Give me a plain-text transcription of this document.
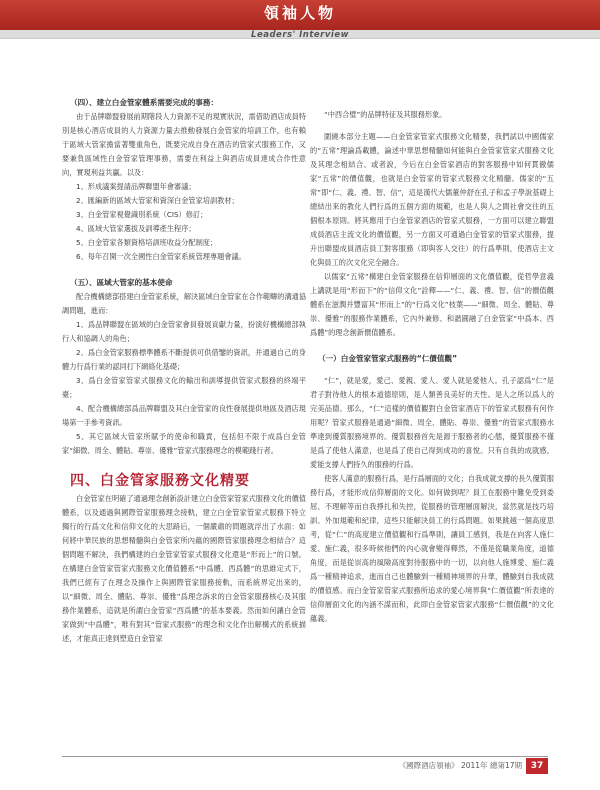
領袖人物
Leaders' Interview

（四）、建立白金管家體系需要完成的事務：

由于品牌聯盟發展前期階段人力資源不足的現實狀況，需借助酒店成員特別是核心酒店成員的人力資源力量去推動發展白金管家的培訓工作，也有賴于區域大管家擔當著雙重角色，既要完成自身在酒店的管家式服務工作，又要兼負區域性白金管家管理事務，需要在利益上與酒店成員達成合作性意向，實現利益共贏。以及：

1、形成議案提請品牌聯盟年會審議；

2、匯編新的區域大管家和資深白金管家培訓教材；

3、白金管家視覺識別系統（CIS）修訂；

4、區域大管家選拔及訓導產生程序；

5、白金管家各類資格培訓班收益分配制度；

6、每年召開一次全國性白金管家系統管理專題會議。

（五）、區域大管家的基本使命

配合機構總部搭建白金管家系統，解決區域白金管家在合作範疇的溝通協調問題，進而：

1、爲品牌聯盟在區域的白金管家會員發展貢獻力量，扮演好機構總部執行人和協調人的角色；

2、爲白金管家服務標準體系不斷提供可供借鑒的資訊，并通過自己的身體力行爲行業的認同打下網絡化基礎；

3、爲白金管家管家式服務文化的輸出和訓導提供管家式服務的終端平臺；

4、配合機構總部爲品牌聯盟及其白金管家的良性發展提供地區及酒店現場第一手參考資訊。

5、其它區域大管家所賦予的使命和職責，包括但不限于成爲白金管家“細微、周全、體貼、尊崇、優雅”管家式服務理念的模範踐行者。

四、白金管家服務文化精要

白金管家在明確了通過理念創新設計建立白金管家管家式服務文化的價值體系，以及通過與國際管家服務理念接軌，建立白金管家管家式服務下特立獨行的行爲文化和信仰文化的大思路后，一個嚴肅的問題就浮出了水面：如何將中華民族的思想精髓與白金管家所內蘊的國際管家服務理念相結合？這個問題不解決，我們構建的白金管家管家式服務文化還是“形而上”的口號。在構建白金管家管家式服務文化價值體系“中爲體、西爲體”的思維定式下，我們已經有了在理念及操作上與國際管家服務接軌，而系統界定出來的，以“細微、周全、體貼、尊崇、優雅”爲理念訴求的白金管家服務核心及其服務作業體系，這就是所謂白金管家“西爲體”的基本要義。然而如何讓白金管家做到“中爲體”，唯有對其“管家式服務”的理念和文化作出解構式的系統描述，才能真正達到塑造白金管家

“中西合璧”的品牌特征及其服務形象。

圍繞本部分主題——白金管家管家式服務文化精要，我們試以中國儒家的“五常”理論爲載體，論述中華思想精髓如何能與白金管家管家式服務文化及其理念相結合、或者說，今后在白金管家酒店的對客服務中如何貫徹儒家“五常”的價值觀，也就是白金管家的管家式服務文化精髓。儒家的“五常”即“仁、義、禮、智、信”，這是漢代大儒董仲舒在孔子和孟子學說基礎上總結出來的教化人們行爲的五個方面的規範，也是人與人之間社會交往的五個根本原則。將其應用于白金管家酒店的管家式服務，一方面可以建立聯盟成員酒店主流文化的價值觀，另一方面又可通過白金管家的管家式服務，提升出聯盟成員酒店員工對客服務（即與客人交往）的行爲準則，使酒店主文化與員工的次文化完全融合。

以儒家“五常”構建白金管家服務在信仰層面的文化價值觀，從哲學意義上講就是用“形而下”的“信仰文化”詮釋——“仁、義、禮、智、信”的價值觀體系在滋潤并豐富其“形而上”的“行爲文化”枝葉——“細微、周全、體貼、尊崇、優雅”的服務作業體系，它內外兼修、和諧圓融了白金管家“中爲本、西爲體”的理念創新價值體系。

（一）白金管家管家式服務的“仁價值觀”

“仁”，就是愛，愛己、愛親、愛人、愛人就是愛他人。孔子認爲“仁”是君子對待他人的根本道德原則，是人類善良美好的天性。是人之所以爲人的完美品德。那么，“仁”這樣的價值觀對白金管家酒店下的管家式服務有何作用呢？管家式服務是通過“細微、周全、體貼、尊崇、優雅”的管家式服務水準達到優質服務境界的。優質服務首先是源于服務者的心態，優質服務不僅是爲了使他人滿意，也是爲了使自己得到成功的喜悅。只有自我的成就感，愛能支撐人們持久的服務的行爲。

使客人滿意的服務行爲，是行爲層面的文化；自我成就支撐的長久優質服務行爲，才能形成信仰層面的文化。如何做到呢？員工在服務中難免受到委屈、不理解等而自我掙扎和失控，從服務的管理層面解決，當然就是技巧培訓、外加規範和紀律，這些只能解決員工的行爲問題。如果跳越一個高度思考，從“仁”的高度建立價值觀和行爲準則，讓員工感到，我是在向客人施仁愛、施仁義，很多時候他們的內心就會變得釋然，不僅是從職業角度，道德角度，而是從崇高的風險高度對待服務中的一切，以向他人施博愛、施仁義爲一種精神追求，進而自己也體驗到一種精神境界的升華，體驗到自我成就的價值感。而白金管家管家式服務所追求的愛心境界與“仁價值觀”所表達的信仰層面文化的內涵不謀而和，此即白金管家管家式服務“仁價值觀”的文化蘊義。

《國際酒店領袖》 2011年 總第17期 37
